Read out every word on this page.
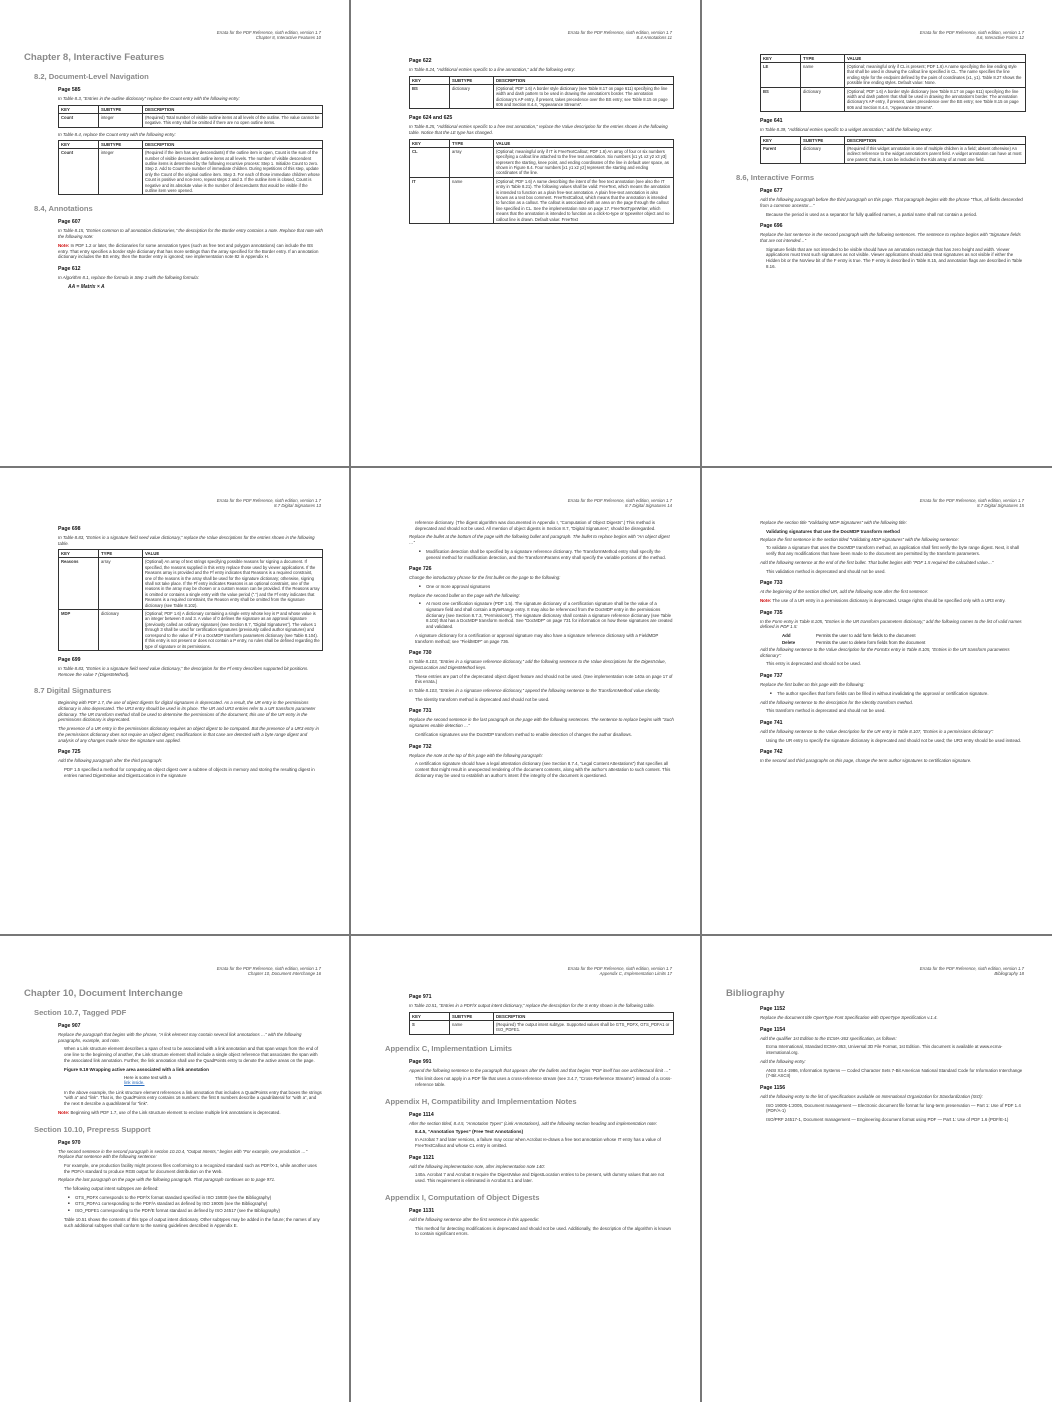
Errata for the PDF Reference, sixth edition, version 1.7
Chapter 8, Interactive Features 10
Chapter 8, Interactive Features
8.2, Document-Level Navigation
Page 585
In Table 8.3, “Entries in the outline dictionary” replace the Count entry with the following entry:
KEY	SUBTYPE	DESCRIPTION
Count	integer	(Required) Total number of visible outline items at all levels of the outline. The value cannot be negative. This entry shall be omitted if there are no open outline items.
In Table 8.4, replace the Count entry with the following entry:
KEY	SUBTYPE	DESCRIPTION
Count	integer	(Required if the item has any descendants) If the outline item is open, Count is the sum of the number of visible descendent outline items at all levels. The number of visible descendent outline items is determined by the following recursive process: Step 1. Initialize Count to zero. Step 2. Add to Count the number of immediate children. During repetitions of this step, update only the Count of the original outline item. Step 3. For each of those immediate children whose Count is positive and non-zero, repeat steps 2 and 3. If the outline item is closed, Count is negative and its absolute value is the number of descendants that would be visible if the outline item were opened.
8.4, Annotations
Page 607
In Table 8.15, “Entries common to all annotation dictionaries,” the description for the Border entry contains a note. Replace that note with the following note:
Note: In PDF 1.2 or later, the dictionaries for some annotation types (such as free text and polygon annotations) can include the BS entry. That entry specifies a border style dictionary that has more settings than the array specified for the Border entry. If an annotation dictionary includes the BS entry, then the Border entry is ignored; see implementation note 82 in Appendix H.
Page 612
In Algorithm 8.1, replace the formula in Step 3 with the following formula:
AA = Matrix × A
Errata for the PDF Reference, sixth edition, version 1.7
8.4 Annotations 11
Page 622
In Table 8.24, “Additional entries specific to a line annotation,” add the following entry:
KEY	SUBTYPE	DESCRIPTION
BS	dictionary	(Optional; PDF 1.6) A border style dictionary (see Table 8.17 on page 611) specifying the line width and dash pattern to be used in drawing the annotation’s border. The annotation dictionary’s AP entry, if present, takes precedence over the BS entry; see Table 8.15 on page 606 and Section 8.4.4, “Appearance Streams”.
Page 624 and 625
In Table 8.25, “Additional entries specific to a free text annotation,” replace the Value description for the entries shown in the following table. Notice that the LE type has changed.
KEY	TYPE	VALUE
CL	array	(Optional; meaningful only if IT is FreeTextCallout; PDF 1.6) An array of four or six numbers specifying a callout line attached to the free text annotation. Six numbers [x1 y1 x2 y2 x3 y3] represent the starting, knee point, and ending coordinates of the line in default user space, as shown in Figure 8.4. Four numbers [x1 y1 x2 y2] represent the starting and ending coordinates of the line.
IT	name	(Optional; PDF 1.6) A name describing the intent of the free text annotation (see also the IT entry in Table 8.21). The following values shall be valid: FreeText, which means the annotation is intended to function as a plain free-text annotation. A plain free-text annotation is also known as a text box comment. FreeTextCallout, which means that the annotation is intended to function as a callout. The callout is associated with an area on the page through the callout line specified in CL. See the implementation note on page 17. FreeTextTypeWriter, which means that the annotation is intended to function as a click-to-type or typewriter object and no callout line is drawn. Default value: FreeText
Errata for the PDF Reference, sixth edition, version 1.7
8.6, Interactive Forms 12
KEY	TYPE	VALUE
LE	name	(Optional; meaningful only if CL is present; PDF 1.6) A name specifying the line ending style that shall be used in drawing the callout line specified in CL. The name specifies the line ending style for the endpoint defined by the pairs of coordinates (x1, y1). Table 8.27 shows the possible line ending styles. Default value: None.
BS	dictionary	(Optional; PDF 1.6) A border style dictionary (see Table 8.17 on page 611) specifying the line width and dash pattern that shall be used in drawing the annotation’s border. The annotation dictionary’s AP entry, if present, takes precedence over the BS entry; see Table 8.15 on page 606 and Section 8.4.4, “Appearance Streams”.
Page 641
In Table 8.39, “Additional entries specific to a widget annotation,” add the following entry:
KEY	SUBTYPE	DESCRIPTION
Parent	dictionary	(Required if this widget annotation is one of multiple children in a field; absent otherwise) An indirect reference to the widget annotation’s parent field. A widget annotation can have at most one parent; that is, it can be included in the Kids array of at most one field.
8.6, Interactive Forms
Page 677
Add the following paragraph before the third paragraph on this page. That paragraph begins with the phrase “Thus, all fields descended from a common ancestor…”
Because the period is used as a separator for fully qualified names, a partial name shall not contain a period.
Page 696
Replace the last sentence in the second paragraph with the following sentences. The sentence to replace begins with “Signature fields that are not intended…”
Signature fields that are not intended to be visible should have an annotation rectangle that has zero height and width. Viewer applications must treat such signatures as not visible. Viewer applications should also treat signatures as not visible if either the Hidden bit or the NoView bit of the F entry is true. The F entry is described in Table 8.15, and annotation flags are described in Table 8.16.
Errata for the PDF Reference, sixth edition, version 1.7
8.7 Digital Signatures 13
Page 698
In Table 8.83, “Entries in a signature field seed value dictionary,” replace the Value descriptions for the entries shown in the following table.
KEY	TYPE	VALUE
Reasons	array	(Optional) An array of text strings specifying possible reasons for signing a document. If specified, the reasons supplied in this entry replace those used by viewer applications. If the Reasons array is provided and the Ff entry indicates that Reasons is a required constraint, one of the reasons in the array shall be used for the signature dictionary; otherwise, signing shall not take place. If the Ff entry indicates Reasons is an optional constraint, one of the reasons in the array may be chosen or a custom reason can be provided. If the Reasons array is omitted or contains a single entry with the value period (“.”) and the Ff entry indicates that Reasons is a required constraint, the Reason entry shall be omitted from the signature dictionary (see Table 8.102).
MDP	dictionary	(Optional; PDF 1.6) A dictionary containing a single entry whose key is P and whose value is an integer between 0 and 3. A value of 0 defines the signature as an approval signature (previously called an ordinary signature) (see Section 8.7, “Digital Signatures”). The values 1 through 3 shall be used for certification signatures (previously called author signatures) and correspond to the value of P in a DocMDP transform parameters dictionary (see Table 8.104). If this entry is not present or does not contain a P entry, no rules shall be defined regarding the type of signature or its permissions.
Page 699
In Table 8.83, “Entries in a signature field seed value dictionary,” the description for the Ff entry describes supported bit positions. Remove the value 7 (DigestMethod).
8.7 Digital Signatures
Beginning with PDF 1.7, the use of object digests for digital signatures is deprecated. As a result, the UR entry in the permissions dictionary is also deprecated. The UR3 entry should be used in its place. The UR and UR3 entries refer to a UR transform parameter dictionary. The UR transform method shall be used to determine the permissions of the document; this use of the UR entry in the permissions dictionary is deprecated.
The presence of a UR entry in the permissions dictionary requires an object digest to be computed. But the presence of a UR3 entry in the permissions dictionary does not require an object digest; modifications in that case are detected with a byte range digest and analysis of any changes made since the signature was applied.
Page 725
Add the following paragraph after the third paragraph:
PDF 1.5 specified a method for computing an object digest over a subtree of objects in memory and storing the resulting digest in entries named DigestValue and DigestLocation in the signature
Errata for the PDF Reference, sixth edition, version 1.7
8.7 Digital Signatures 14
reference dictionary. (The digest algorithm was documented in Appendix I, “Computation of Object Digests”.) This method is deprecated and should not be used. All mention of object digests in Section 8.7, “Digital Signatures”, should be disregarded.
Replace the bullet at the bottom of the page with the following bullet and paragraph. The bullet to replace begins with “An object digest …”
■ Modification detection shall be specified by a signature reference dictionary. The TransformMethod entry shall specify the general method for modification detection, and the TransformParams entry shall specify the variable portions of the method.
Page 726
Change the introductory phrase for the first bullet on the page to the following:
■ One or more approval signatures
Replace the second bullet on the page with the following:
■ At most one certification signature (PDF 1.5). The signature dictionary of a certification signature shall be the value of a signature field and shall contain a ByteRange entry. It may also be referenced from the DocMDP entry in the permissions dictionary (see Section 8.7.3, “Permissions”). The signature dictionary shall contain a signature reference dictionary (see Table 8.102) that has a DocMDP transform method. See “DocMDP” on page 731 for information on how these signatures are created and validated.
A signature dictionary for a certification or approval signature may also have a signature reference dictionary with a FieldMDP transform method; see “FieldMDP” on page 736.
Page 730
In Table 8.103, “Entries in a signature reference dictionary,” add the following sentence to the Value descriptions for the DigestValue, DigestLocation and DigestMethod keys.
These entries are part of the deprecated object digest feature and should not be used. (See implementation note 140a on page 17 of this errata.)
In Table 8.103, “Entries in a signature reference dictionary,” append the following sentence to the TransformMethod value Identity.
The Identity transform method is deprecated and should not be used.
Page 731
Replace the second sentence in the last paragraph on the page with the following sentences. The sentence to replace begins with “Such signatures enable detection …”
Certification signatures use the DocMDP transform method to enable detection of changes the author disallows.
Page 732
Replace the note at the top of this page with the following paragraph:
A certification signature should have a legal attestation dictionary (see Section 8.7.4, “Legal Content Attestations”) that specifies all content that might result in unexpected rendering of the document contents, along with the author’s attestation to such content. This dictionary may be used to establish an author’s intent if the integrity of the document is questioned.
Errata for the PDF Reference, sixth edition, version 1.7
8.7 Digital Signatures 15
Replace the section title “Validating MDP Signatures” with the following title:
Validating signatures that use the DocMDP transform method
Replace the first sentence in the section titled “Validating MDP signatures” with the following sentence:
To validate a signature that uses the DocMDP transform method, an application shall first verify the byte range digest. Next, it shall verify that any modifications that have been made to the document are permitted by the transform parameters.
Add the following sentence at the end of the first bullet. That bullet begins with “PDF 1.5 required the calculated value…”
This validation method is deprecated and should not be used.
Page 733
At the beginning of the section titled UR, add the following note after the first sentence:
Note: The use of a UR entry in a permissions dictionary is deprecated. Usage rights should be specified only with a UR3 entry.
Page 735
In the Form entry in Table 8.105, “Entries in the UR transform parameters dictionary,” add the following names to the list of valid names defined in PDF 1.5:
Add	Permits the user to add form fields to the document
Delete	Permits the user to delete form fields from the document
Add the following sentence to the Value description for the FormEx entry in Table 8.105, “Entries in the UR transform parameters dictionary”:
This entry is deprecated and should not be used.
Page 737
Replace the first bullet on this page with the following:
■ The author specifies that form fields can be filled in without invalidating the approval or certification signature.
Add the following sentence to the description for the Identity transform method.
This transform method is deprecated and should not be used.
Page 741
Add the following sentence to the Value description for the UR entry in Table 8.107, “Entries in a permissions dictionary”:
Using the UR entry to specify the signature dictionary is deprecated and should not be used; the UR3 entry should be used instead.
Page 742
In the second and third paragraphs on this page, change the term author signatures to certification signature.
Errata for the PDF Reference, sixth edition, version 1.7
Chapter 10, Document Interchange 16
Chapter 10, Document Interchange
Section 10.7, Tagged PDF
Page 907
Replace the paragraph that begins with the phrase, “A link element may contain several link annotations …” with the following paragraphs, example, and note.
When a Link structure element describes a span of text to be associated with a link annotation and that span wraps from the end of one line to the beginning of another, the Link structure element shall include a single object reference that associates the span with the associated link annotation. Further, the link annotation shall use the QuadPoints entry to denote the active areas on the page.
Figure 9.19 Wrapping active area associated with a link annotation
Here is some text with a
link inside.
In the above example, the Link structure element references a link annotation that includes a QuadPoints entry that boxes the strings “with a” and “link”. That is, the QuadPoints entry contains 16 numbers: the first 8 numbers describe a quadrilateral for “with a”, and the next 8 describe a quadrilateral for “link”.
Note: Beginning with PDF 1.7, use of the Link structure element to enclose multiple link annotations is deprecated.
Section 10.10, Prepress Support
Page 970
The second sentence in the second paragraph in section 10.10.4, “Output Intents,” begins with “For example, one production …” Replace that sentence with the following sentence:
For example, one production facility might process files conforming to a recognized standard such as PDF/X-1, while another uses the PDF/A standard to produce RGB output for document distribution on the Web.
Replace the last paragraph on the page with the following paragraph. That paragraph continues on to page 971.
The following output intent subtypes are defined:
■ GTS_PDFX corresponds to the PDF/X format standard specified in ISO 15930 (see the Bibliography)
■ GTS_PDFA1 corresponding to the PDF/A standard as defined by ISO 19005 (see the Bibliography)
■ ISO_PDFE1 corresponding to the PDF/E format standard as defined by ISO 24517 (see the Bibliography)
Table 10.51 shows the contents of this type of output intent dictionary. Other subtypes may be added in the future; the names of any such additional subtypes shall conform to the naming guidelines described in Appendix E.
Errata for the PDF Reference, sixth edition, version 1.7
Appendix C, Implementation Limits 17
Page 971
In Table 10.51, “Entries in a PDF/X output intent dictionary,” replace the description for the S entry shown in the following table.
KEY	SUBTYPE	DESCRIPTION
S	name	(Required) The output intent subtype. Supported values shall be GTS_PDFX, GTS_PDFA1 or ISO_PDFE1.
Appendix C, Implementation Limits
Page 991
Append the following sentence to the paragraph that appears after the bullets and that begins “PDF itself has one architectural limit …”
This limit does not apply in a PDF file that uses a cross-reference stream (see 3.4.7, “Cross-Reference Streams”) instead of a cross-reference table.
Appendix H, Compatibility and Implementation Notes
Page 1114
After the section titled, 8.4.5, “Annotation Types” (Link Annotations), add the following section heading and implementation note:
8.4.5, “Annotation Types” (Free Text Annotations)
In Acrobat 7 and later versions, a failure may occur when Acrobat re-draws a free text annotation whose IT entry has a value of FreeTextCallout and whose CL entry is omitted.
Page 1121
Add the following implementation note, after implementation note 140:
140a. Acrobat 7 and Acrobat 8 require the DigestValue and DigestLocation entries to be present, with dummy values that are not used. This requirement is eliminated in Acrobat 8.1 and later.
Appendix I, Computation of Object Digests
Page 1131
Add the following sentence after the first sentence in this appendix:
This method for detecting modifications is deprecated and should not be used. Additionally, the description of the algorithm is known to contain significant errors.
Errata for the PDF Reference, sixth edition, version 1.7
Bibliography 18
Bibliography
Page 1152
Replace the document title OpenType Font Specification with OpenType Specification v.1.4.
Page 1154
Add the qualifier 1st Edition to the ECMA-363 specification, as follows:
Ecma International, Standard ECMA-363, Universal 3D File Format, 1st Edition. This document is available at www.ecma-international.org.
Add the following entry:
ANSI X3.4-1986, Information Systems — Coded Character Sets 7-Bit American National Standard Code for Information Interchange (7-Bit ASCII)
Page 1156
Add the following entry to the list of specifications available on International Organization for Standardization (ISO):
ISO 19005-1:2005, Document management — Electronic document file format for long-term preservation — Part 1: Use of PDF 1.4 (PDF/A-1)
ISO/PRF 24517-1, Document management — Engineering document format using PDF — Part 1: Use of PDF 1.6 (PDF/E-1)
